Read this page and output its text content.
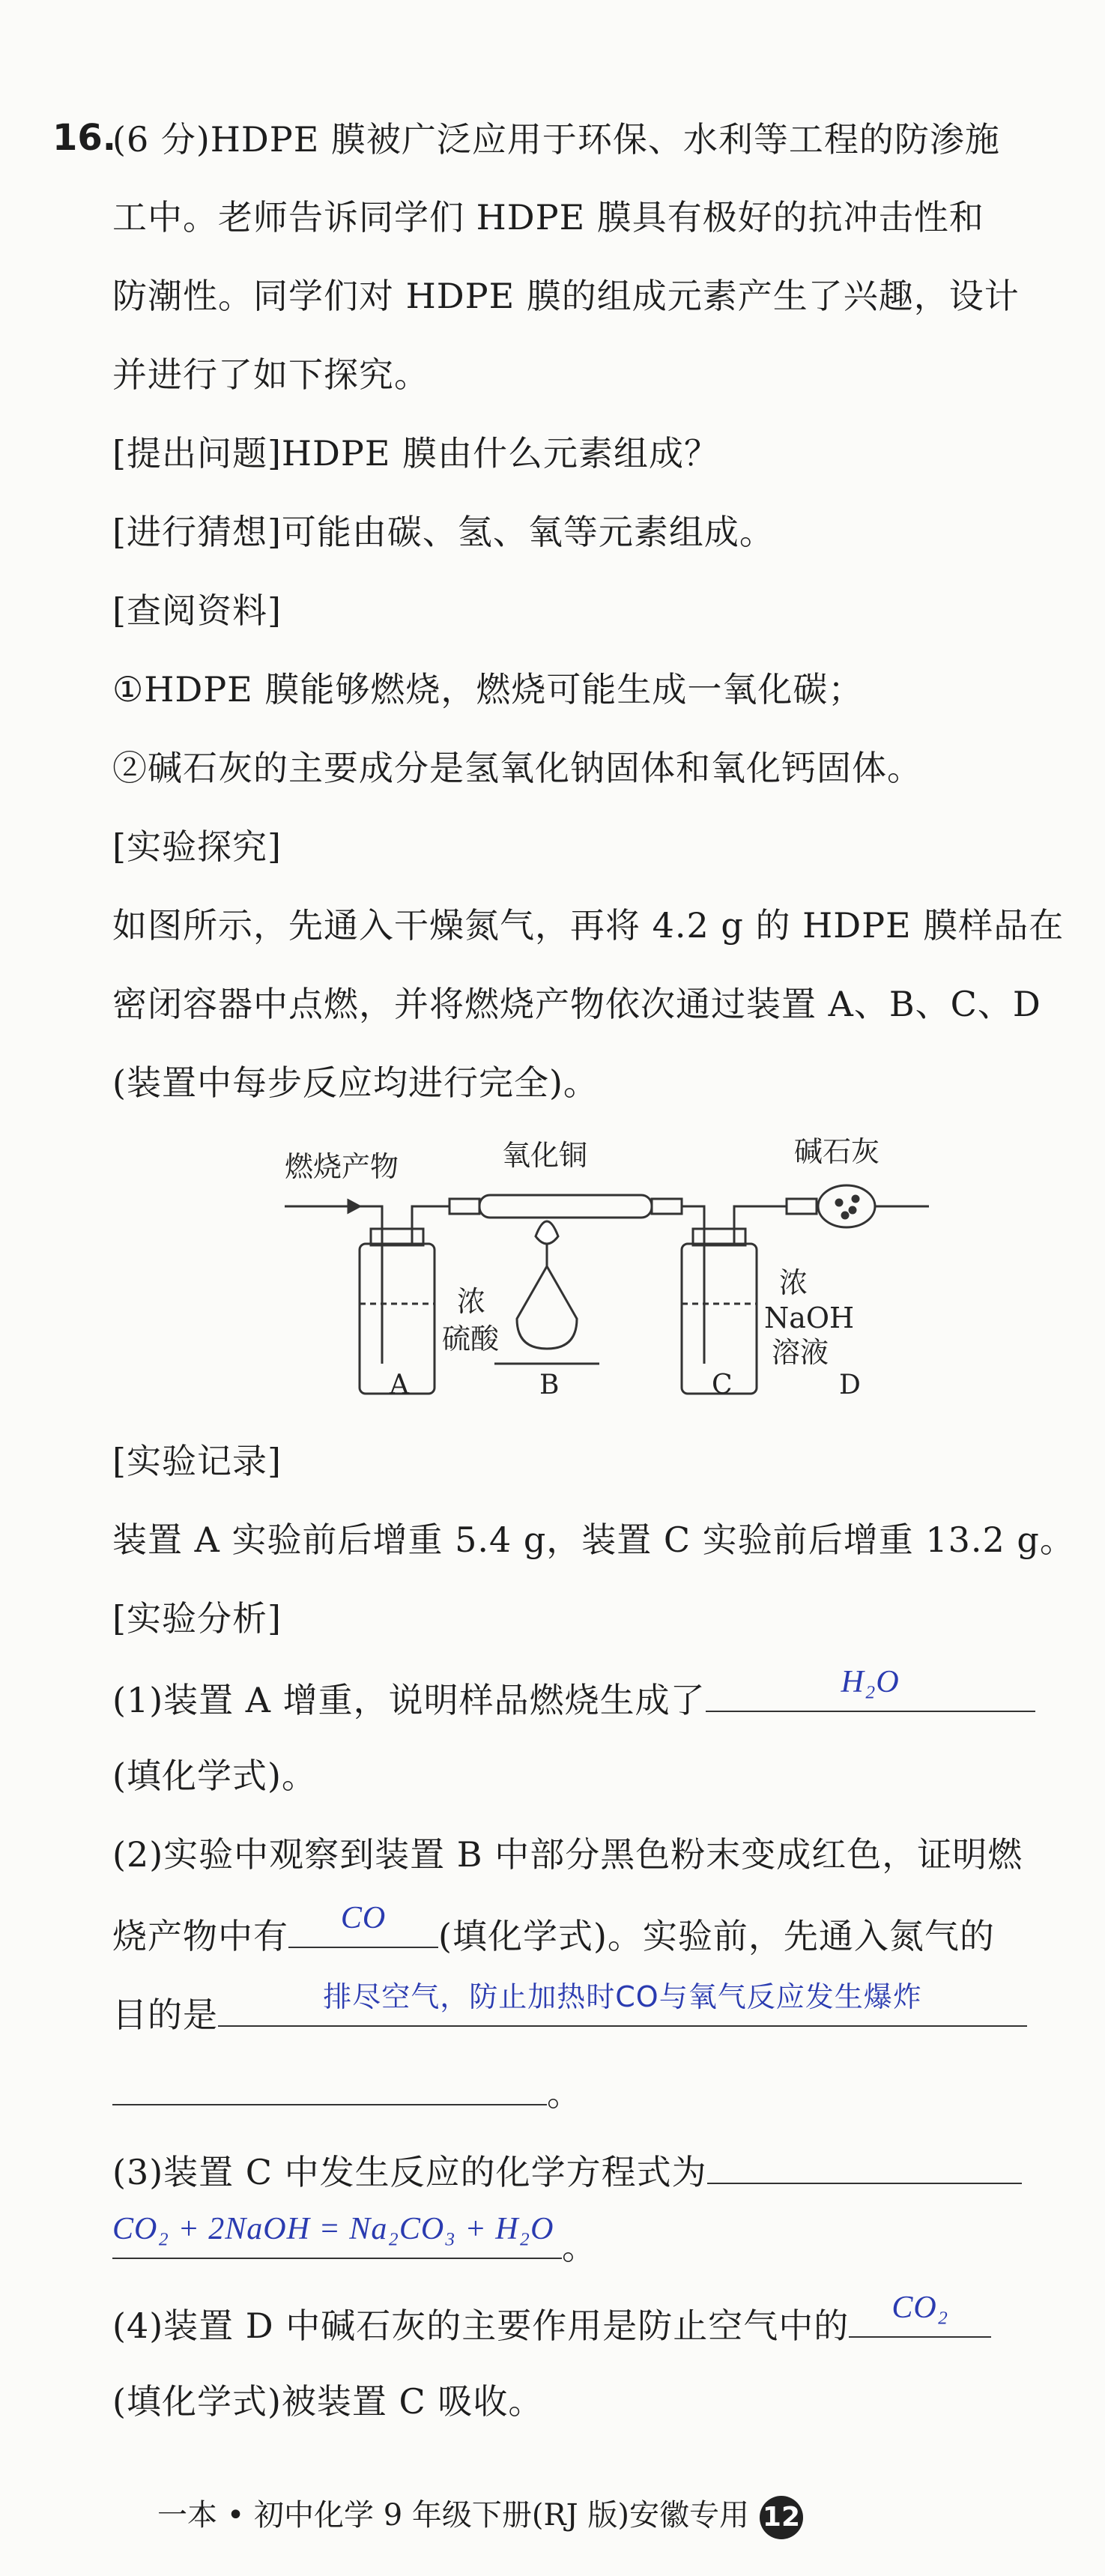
16.
(6 分)HDPE 膜被广泛应用于环保、水利等工程的防渗施
工中。老师告诉同学们 HDPE 膜具有极好的抗冲击性和
防潮性。同学们对 HDPE 膜的组成元素产生了兴趣，设计
并进行了如下探究。
[提出问题]HDPE 膜由什么元素组成？
[进行猜想]可能由碳、氢、氧等元素组成。
[查阅资料]
①HDPE 膜能够燃烧，燃烧可能生成一氧化碳；
②碱石灰的主要成分是氢氧化钠固体和氧化钙固体。
[实验探究]
如图所示，先通入干燥氮气，再将 4.2 g 的 HDPE 膜样品在
密闭容器中点燃，并将燃烧产物依次通过装置 A、B、C、D
(装置中每步反应均进行完全)。
燃烧产物	氧化铜	碱石灰
浓
硫酸
浓
NaOH
溶液
A	B	C	D
[实验记录]
装置 A 实验前后增重 5.4 g，装置 C 实验前后增重 13.2 g。
[实验分析]
(1)装置 A 增重，说明样品燃烧生成了	H₂O
(填化学式)。
(2)实验中观察到装置 B 中部分黑色粉末变成红色，证明燃
烧产物中有	CO	(填化学式)。实验前，先通入氮气的
目的是	排尽空气，防止加热时CO与氧气反应发生爆炸
。
(3)装置 C 中发生反应的化学方程式为
CO₂ + 2NaOH = Na₂CO₃ + H₂O 。
(4)装置 D 中碱石灰的主要作用是防止空气中的	CO₂
(填化学式)被装置 C 吸收。
一本 • 初中化学 9 年级下册(RJ 版)安徽专用 12
